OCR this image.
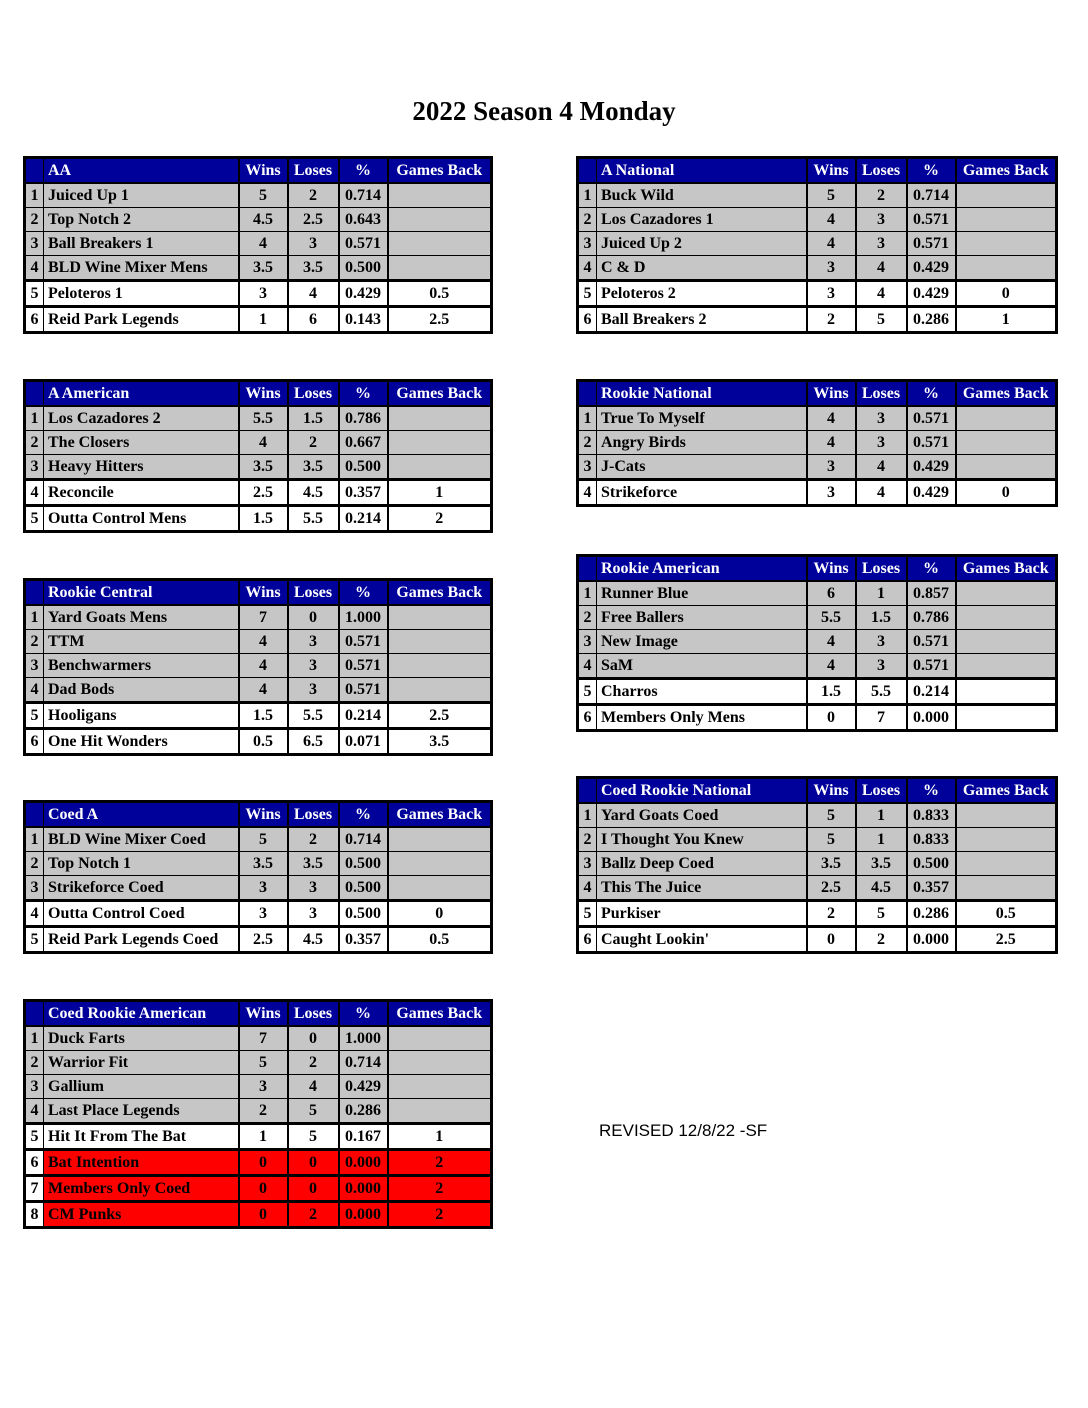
2022 Season 4 Monday
REVISED 12/8/22 -SF
	AA	Wins	Loses	%	Games Back
1	Juiced Up 1	5	2	0.714	
2	Top Notch 2	4.5	2.5	0.643	
3	Ball Breakers 1	4	3	0.571	
4	BLD Wine Mixer Mens	3.5	3.5	0.500	
5	Peloteros 1	3	4	0.429	0.5
6	Reid Park Legends	1	6	0.143	2.5
	A American	Wins	Loses	%	Games Back
1	Los Cazadores 2	5.5	1.5	0.786	
2	The Closers	4	2	0.667	
3	Heavy Hitters	3.5	3.5	0.500	
4	Reconcile	2.5	4.5	0.357	1
5	Outta Control Mens	1.5	5.5	0.214	2
	Rookie Central	Wins	Loses	%	Games Back
1	Yard Goats Mens	7	0	1.000	
2	TTM	4	3	0.571	
3	Benchwarmers	4	3	0.571	
4	Dad Bods	4	3	0.571	
5	Hooligans	1.5	5.5	0.214	2.5
6	One Hit Wonders	0.5	6.5	0.071	3.5
	Coed A	Wins	Loses	%	Games Back
1	BLD Wine Mixer Coed	5	2	0.714	
2	Top Notch 1	3.5	3.5	0.500	
3	Strikeforce Coed	3	3	0.500	
4	Outta Control Coed	3	3	0.500	0
5	Reid Park Legends Coed	2.5	4.5	0.357	0.5
	Coed Rookie American	Wins	Loses	%	Games Back
1	Duck Farts	7	0	1.000	
2	Warrior Fit	5	2	0.714	
3	Gallium	3	4	0.429	
4	Last Place Legends	2	5	0.286	
5	Hit It From The Bat	1	5	0.167	1
6	Bat Intention	0	0	0.000	2
7	Members Only Coed	0	0	0.000	2
8	CM Punks	0	2	0.000	2
	A National	Wins	Loses	%	Games Back
1	Buck Wild	5	2	0.714	
2	Los Cazadores 1	4	3	0.571	
3	Juiced Up 2	4	3	0.571	
4	C & D	3	4	0.429	
5	Peloteros 2	3	4	0.429	0
6	Ball Breakers 2	2	5	0.286	1
	Rookie National	Wins	Loses	%	Games Back
1	True To Myself	4	3	0.571	
2	Angry Birds	4	3	0.571	
3	J-Cats	3	4	0.429	
4	Strikeforce	3	4	0.429	0
	Rookie American	Wins	Loses	%	Games Back
1	Runner Blue	6	1	0.857	
2	Free Ballers	5.5	1.5	0.786	
3	New Image	4	3	0.571	
4	SaM	4	3	0.571	
5	Charros	1.5	5.5	0.214	
6	Members Only Mens	0	7	0.000	
	Coed Rookie National	Wins	Loses	%	Games Back
1	Yard Goats Coed	5	1	0.833	
2	I Thought You Knew	5	1	0.833	
3	Ballz Deep Coed	3.5	3.5	0.500	
4	This The Juice	2.5	4.5	0.357	
5	Purkiser	2	5	0.286	0.5
6	Caught Lookin'	0	2	0.000	2.5
